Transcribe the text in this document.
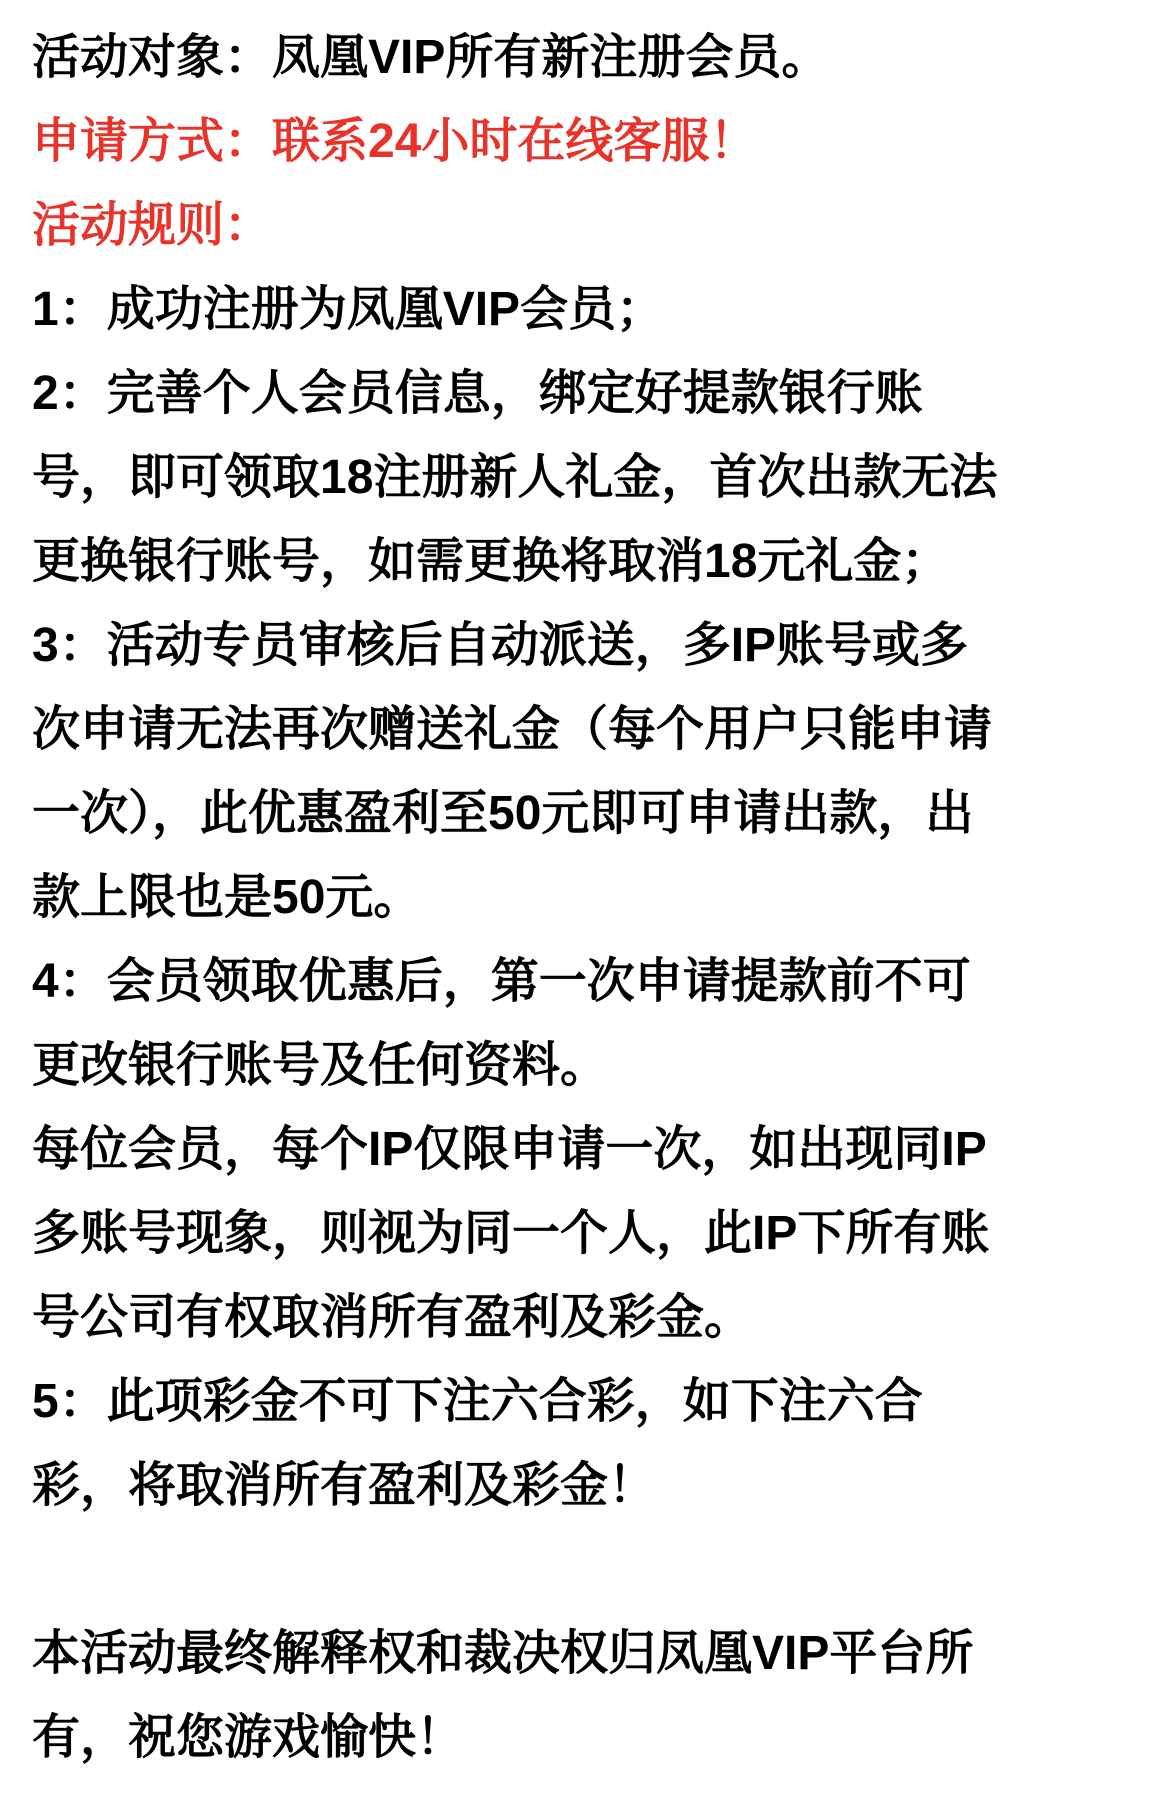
活动对象：凤凰VIP所有新注册会员。
申请方式：联系24小时在线客服！
活动规则：
1：成功注册为凤凰VIP会员；
2：完善个人会员信息，绑定好提款银行账
号，即可领取18注册新人礼金，首次出款无法
更换银行账号，如需更换将取消18元礼金；
3：活动专员审核后自动派送，多IP账号或多
次申请无法再次赠送礼金（每个用户只能申请
一次），此优惠盈利至50元即可申请出款，出
款上限也是50元。
4：会员领取优惠后，第一次申请提款前不可
更改银行账号及任何资料。
每位会员，每个IP仅限申请一次，如出现同IP
多账号现象，则视为同一个人，此IP下所有账
号公司有权取消所有盈利及彩金。
5：此项彩金不可下注六合彩，如下注六合
彩，将取消所有盈利及彩金！
本活动最终解释权和裁决权归凤凰VIP平台所
有，祝您游戏愉快！
